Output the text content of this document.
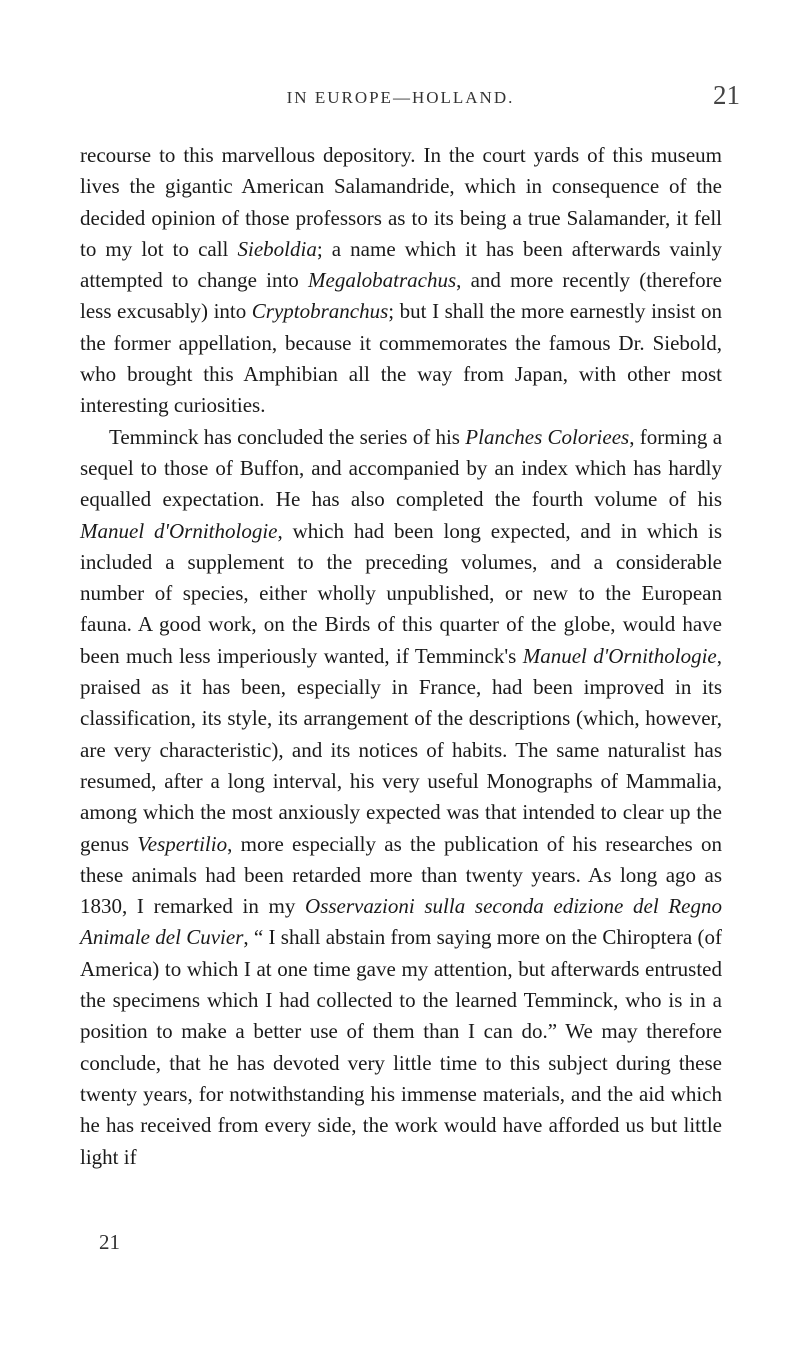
IN EUROPE—HOLLAND.	21

recourse to this marvellous depository. In the court yards of this museum lives the gigantic American Salamandride, which in consequence of the decided opinion of those professors as to its being a true Salamander, it fell to my lot to call Sieboldia; a name which it has been afterwards vainly attempted to change into Megalobatrachus, and more recently (therefore less excusably) into Cryptobranchus; but I shall the more earnestly insist on the former appellation, because it commemorates the famous Dr. Siebold, who brought this Amphibian all the way from Japan, with other most interesting curiosities.

Temminck has concluded the series of his Planches Coloriees, forming a sequel to those of Buffon, and accompanied by an index which has hardly equalled expectation. He has also completed the fourth volume of his Manuel d'Ornithologie, which had been long expected, and in which is included a supplement to the preceding volumes, and a considerable number of species, either wholly unpublished, or new to the European fauna. A good work, on the Birds of this quarter of the globe, would have been much less imperiously wanted, if Temminck's Manuel d'Ornithologie, praised as it has been, especially in France, had been improved in its classification, its style, its arrangement of the descriptions (which, however, are very characteristic), and its notices of habits. The same naturalist has resumed, after a long interval, his very useful Monographs of Mammalia, among which the most anxiously expected was that intended to clear up the genus Vespertilio, more especially as the publication of his researches on these animals had been retarded more than twenty years. As long ago as 1830, I remarked in my Osservazioni sulla seconda edizione del Regno Animale del Cuvier, “ I shall abstain from saying more on the Chiroptera (of America) to which I at one time gave my attention, but afterwards entrusted the specimens which I had collected to the learned Temminck, who is in a position to make a better use of them than I can do.” We may therefore conclude, that he has devoted very little time to this subject during these twenty years, for notwithstanding his immense materials, and the aid which he has received from every side, the work would have afforded us but little light if

21
